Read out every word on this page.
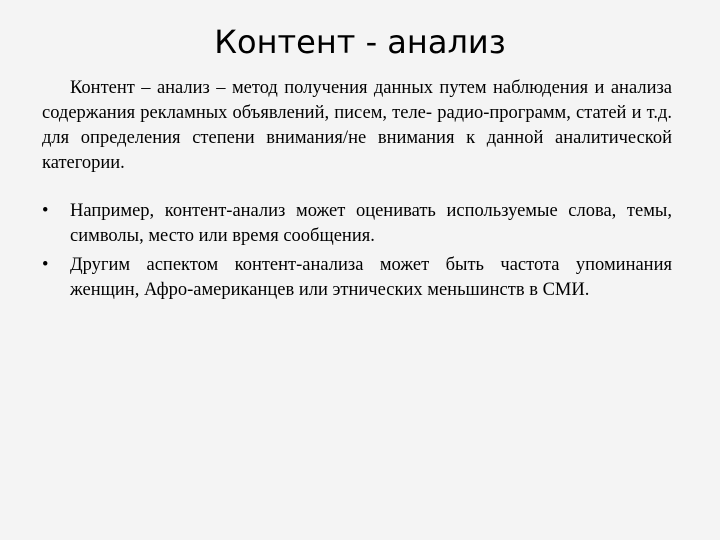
Контент - анализ

Контент – анализ – метод получения данных путем наблюдения и анализа содержания рекламных объявлений, писем, теле- радио-программ, статей и т.д. для определения степени внимания/не внимания к данной аналитической категории.

•	Например, контент-анализ может оценивать используемые слова, темы, символы, место или время сообщения.
•	Другим аспектом контент-анализа может быть частота упоминания женщин, Афро-американцев или этнических меньшинств в СМИ.
